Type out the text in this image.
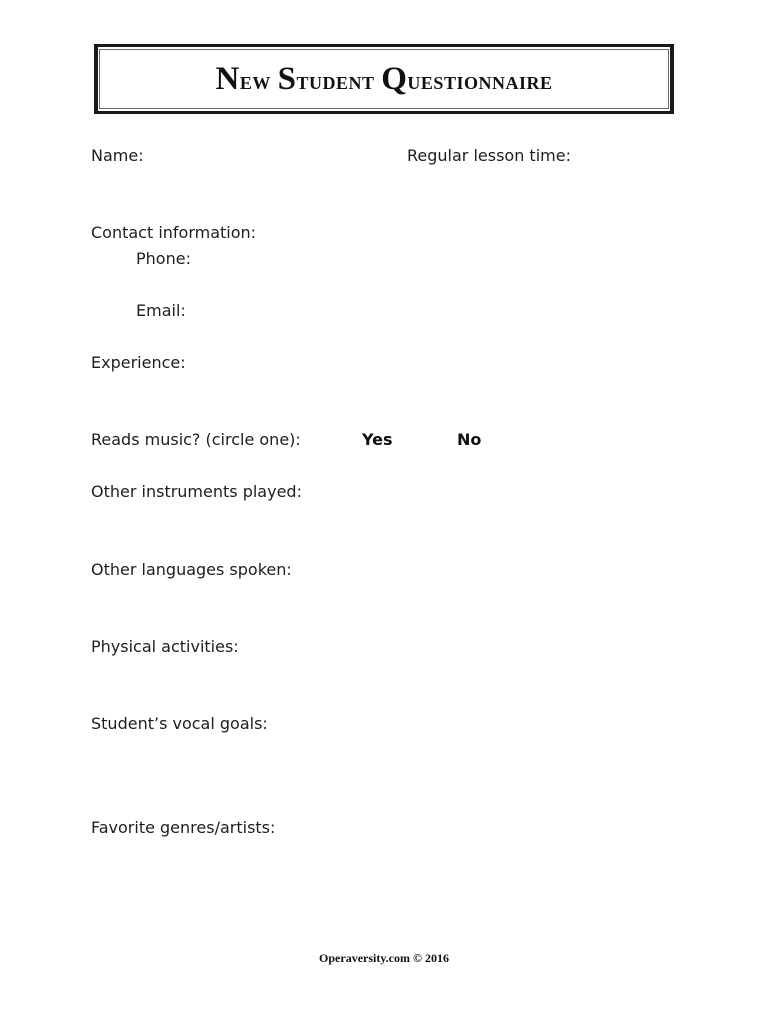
New Student Questionnaire
Name:	Regular lesson time:
Contact information:
Phone:
Email:
Experience:
Reads music? (circle one):	Yes	No
Other instruments played:
Other languages spoken:
Physical activities:
Student’s vocal goals:
Favorite genres/artists:
Operaversity.com © 2016
